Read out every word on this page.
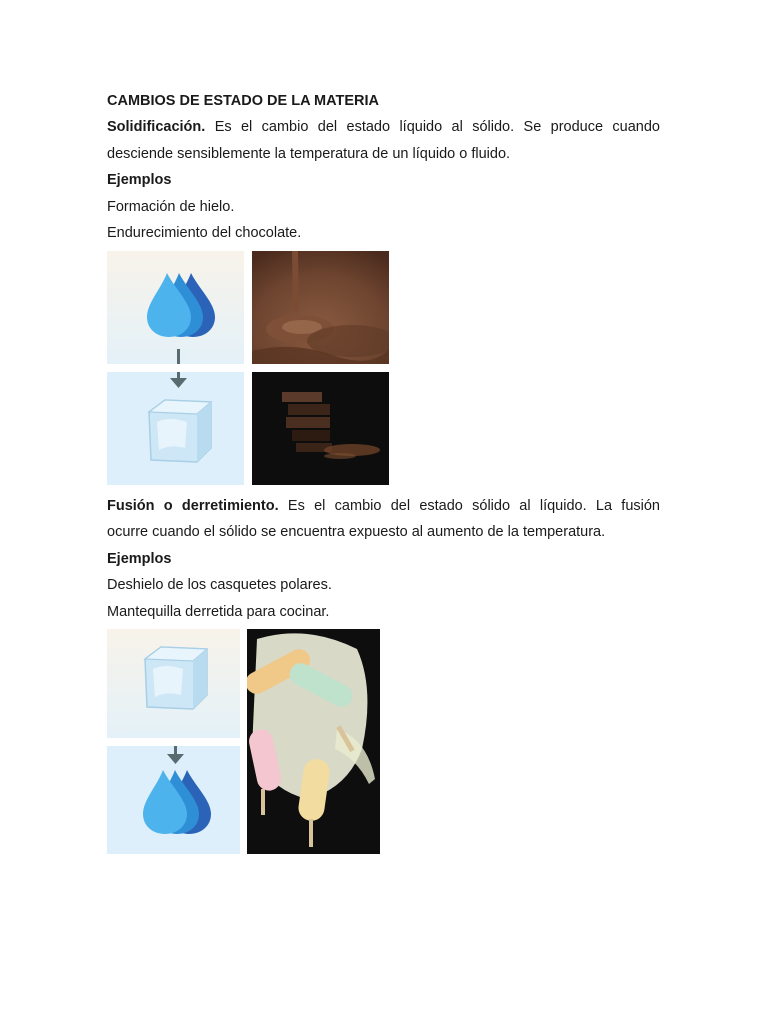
CAMBIOS DE ESTADO DE LA MATERIA

Solidificación. Es el cambio del estado líquido al sólido. Se produce cuando

desciende sensiblemente la temperatura de un líquido o fluido.

Ejemplos

Formación de hielo.

Endurecimiento del chocolate.

Fusión o derretimiento. Es el cambio del estado sólido al líquido. La fusión

ocurre cuando el sólido se encuentra expuesto al aumento de la temperatura.

Ejemplos

Deshielo de los casquetes polares.

Mantequilla derretida para cocinar.
